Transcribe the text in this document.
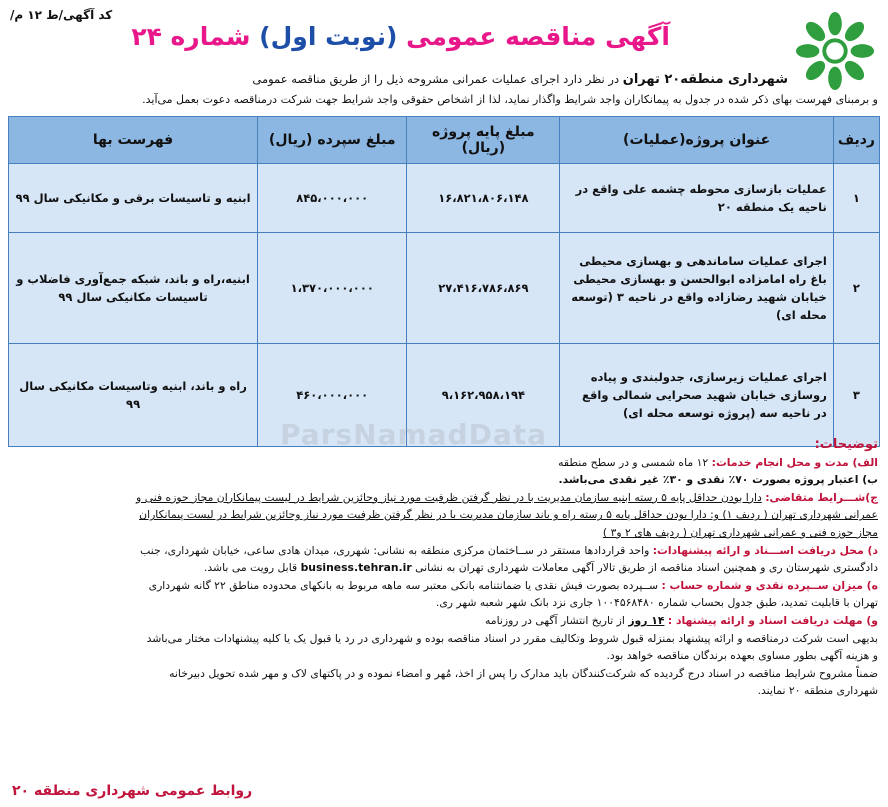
کد آگهی/ط ۱۲ م/
آگهی مناقصه عمومی (نوبت اول) شماره ۲۴
شهرداری منطقه۲۰ تهران در نظر دارد اجرای عملیات عمرانی مشروحه ذیل را از طریق مناقصه عمومی
و برمبنای فهرست بهای ذکر شده در جدول به پیمانکاران واجد شرایط واگذار نماید، لذا از اشخاص حقوقی واجد شرایط جهت شرکت درمناقصه دعوت بعمل می‌آید.
ردیف	عنوان پروژه(عملیات)	مبلغ پایه پروژه (ریال)	مبلغ سپرده (ریال)	فهرست بها
۱	عملیات بازسازی محوطه چشمه علی واقع در ناحیه یک منطقه ۲۰	۱۶،۸۲۱،۸۰۶،۱۴۸	۸۴۵،۰۰۰،۰۰۰	ابنیه و تاسیسات برقی و مکانیکی سال ۹۹
۲	اجرای عملیات ساماندهی و بهسازی محیطی باغ راه امامزاده ابوالحسن و بهسازی محیطی خیابان شهید رضازاده واقع در ناحیه ۳ (توسعه محله ای)	۲۷،۴۱۶،۷۸۶،۸۶۹	۱،۳۷۰،۰۰۰،۰۰۰	ابنیه،راه و باند، شبکه جمع‌آوری فاضلاب و تاسیسات مکانیکی سال ۹۹
۳	اجرای عملیات زیرسازی، جدولبندی و پیاده روسازی خیابان شهید صحرایی شمالی واقع در ناحیه سه (پروژه توسعه محله ای)	۹،۱۶۲،۹۵۸،۱۹۴	۴۶۰،۰۰۰،۰۰۰	راه و باند، ابنیه وتاسیسات مکانیکی سال ۹۹
ParsNamadData	توضیحات:

الف) مدت و محل انجام خدمات: ۱۲ ماه شمسی و در سطح منطقه

ب) اعتبار پروژه بصورت ۷۰٪ نقدی و ۳۰٪ غیر نقدی می‌باشد.

ج)شـــرایط متقاضی: دارا بودن حداقل پایه ۵ رسته ابنیه سازمان مدیریت با در نظر گرفتن ظرفیت مورد نیاز وحائزین شرایط در لیست پیمانکاران مجاز حوزه فنی و

عمرانی شهرداری تهران ( ردیف ۱) و: دارا بودن حداقل پایه ۵ رسته راه و باند سازمان مدیریت با در نظر گرفتن ظرفیت مورد نیاز وحائزین شرایط در لیست پیمانکاران

مجاز حوزه فنی و عمرانی شهرداری تهران ( ردیف های ۲ و۳ )

د) محل دریافت اســـناد و ارائه پیشنهادات: واحد قراردادها مستقر در ســاختمان مرکزی منطقه به نشانی: شهرری، میدان هادی ساعی، خیابان شهرداری، جنب

دادگستری شهرستان ری و همچنین اسناد مناقصه از طریق تالار آگهی معاملات شهرداری تهران به نشانی business.tehran.ir قابل رویت می باشد.

ه) میزان ســپرده نقدی و شماره حساب : ســپرده بصورت فیش نقدی یا ضمانتنامه بانکی معتبر سه ماهه مربوط به بانکهای محدوده مناطق ۲۲ گانه شهرداری

تهران با قابلیت تمدید، طبق جدول بحساب شماره ۱۰۰۴۵۶۸۴۸۰ جاری نزد بانک شهر شعبه شهر ری.

و) مهلت دریافت اسناد و ارائه پیشنهاد : ۱۴ روز از تاریخ انتشار آگهی در روزنامه

بدیهی است شرکت درمناقصه و ارائه پیشنهاد بمنزله قبول شروط وتکالیف مقرر در اسناد مناقصه بوده و شهرداری در رد یا قبول یک یا کلیه پیشنهادات مختار می‌باشد

و هزینه آگهی بطور مساوی بعهده برندگان مناقصه خواهد بود.

ضمناً مشروح شرایط مناقصه در اسناد درج گردیده که شرکت‌کنندگان باید مدارک را پس از اخذ، مُهر و امضاء نموده و در پاکتهای لاک و مهر شده تحویل دبیرخانه

شهرداری منطقه ۲۰ نمایند.

روابط عمومی شهرداری منطقه ۲۰
